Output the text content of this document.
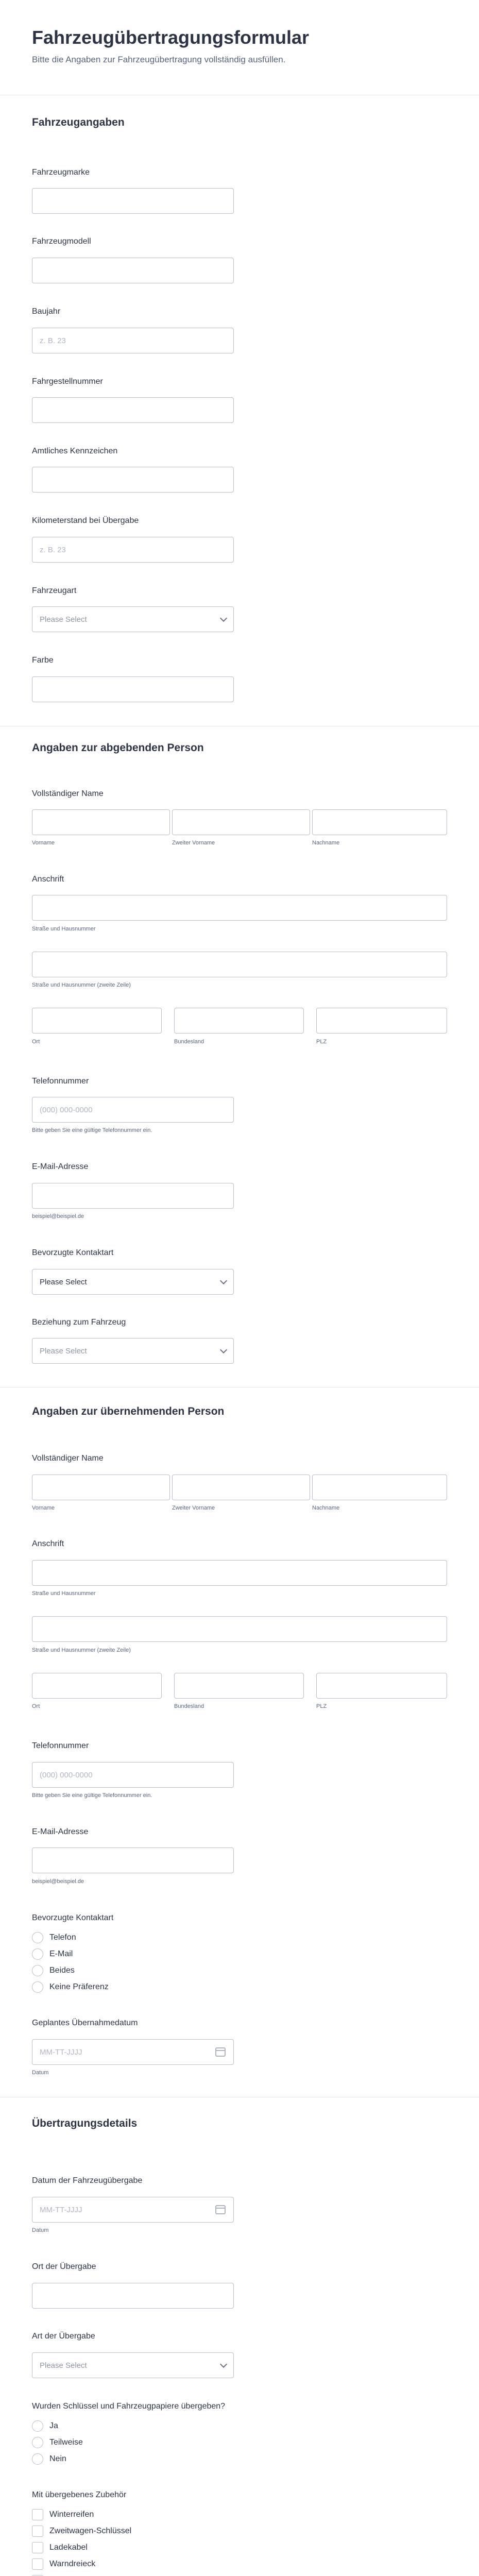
Fahrzeugübertragungsformular
Bitte die Angaben zur Fahrzeugübertragung vollständig ausfüllen.
Fahrzeugangaben
Fahrzeugmarke
Fahrzeugmodell
Baujahr
z. B. 23
Fahrgestellnummer
Amtliches Kennzeichen
Kilometerstand bei Übergabe
z. B. 23
Fahrzeugart
Please Select
Farbe
Angaben zur abgebenden Person
Vollständiger Name
Vorname	Zweiter Vorname	Nachname
Anschrift
Straße und Hausnummer
Straße und Hausnummer (zweite Zeile)
Ort	Bundesland	PLZ
Telefonnummer
(000) 000-0000
Bitte geben Sie eine gültige Telefonnummer ein.
E-Mail-Adresse
beispiel@beispiel.de
Bevorzugte Kontaktart
Please Select
Beziehung zum Fahrzeug
Please Select
Angaben zur übernehmenden Person
Vollständiger Name
Vorname	Zweiter Vorname	Nachname
Anschrift
Straße und Hausnummer
Straße und Hausnummer (zweite Zeile)
Ort	Bundesland	PLZ
Telefonnummer
(000) 000-0000
Bitte geben Sie eine gültige Telefonnummer ein.
E-Mail-Adresse
beispiel@beispiel.de
Bevorzugte Kontaktart
Telefon
E-Mail
Beides
Keine Präferenz
Geplantes Übernahmedatum
MM-TT-JJJJ
Datum
Übertragungsdetails
Datum der Fahrzeugübergabe
MM-TT-JJJJ
Datum
Ort der Übergabe
Art der Übergabe
Please Select
Wurden Schlüssel und Fahrzeugpapiere übergeben?
Ja
Teilweise
Nein
Mit übergebenes Zubehör
Winterreifen
Zweitwagen-Schlüssel
Ladekabel
Warndreieck
